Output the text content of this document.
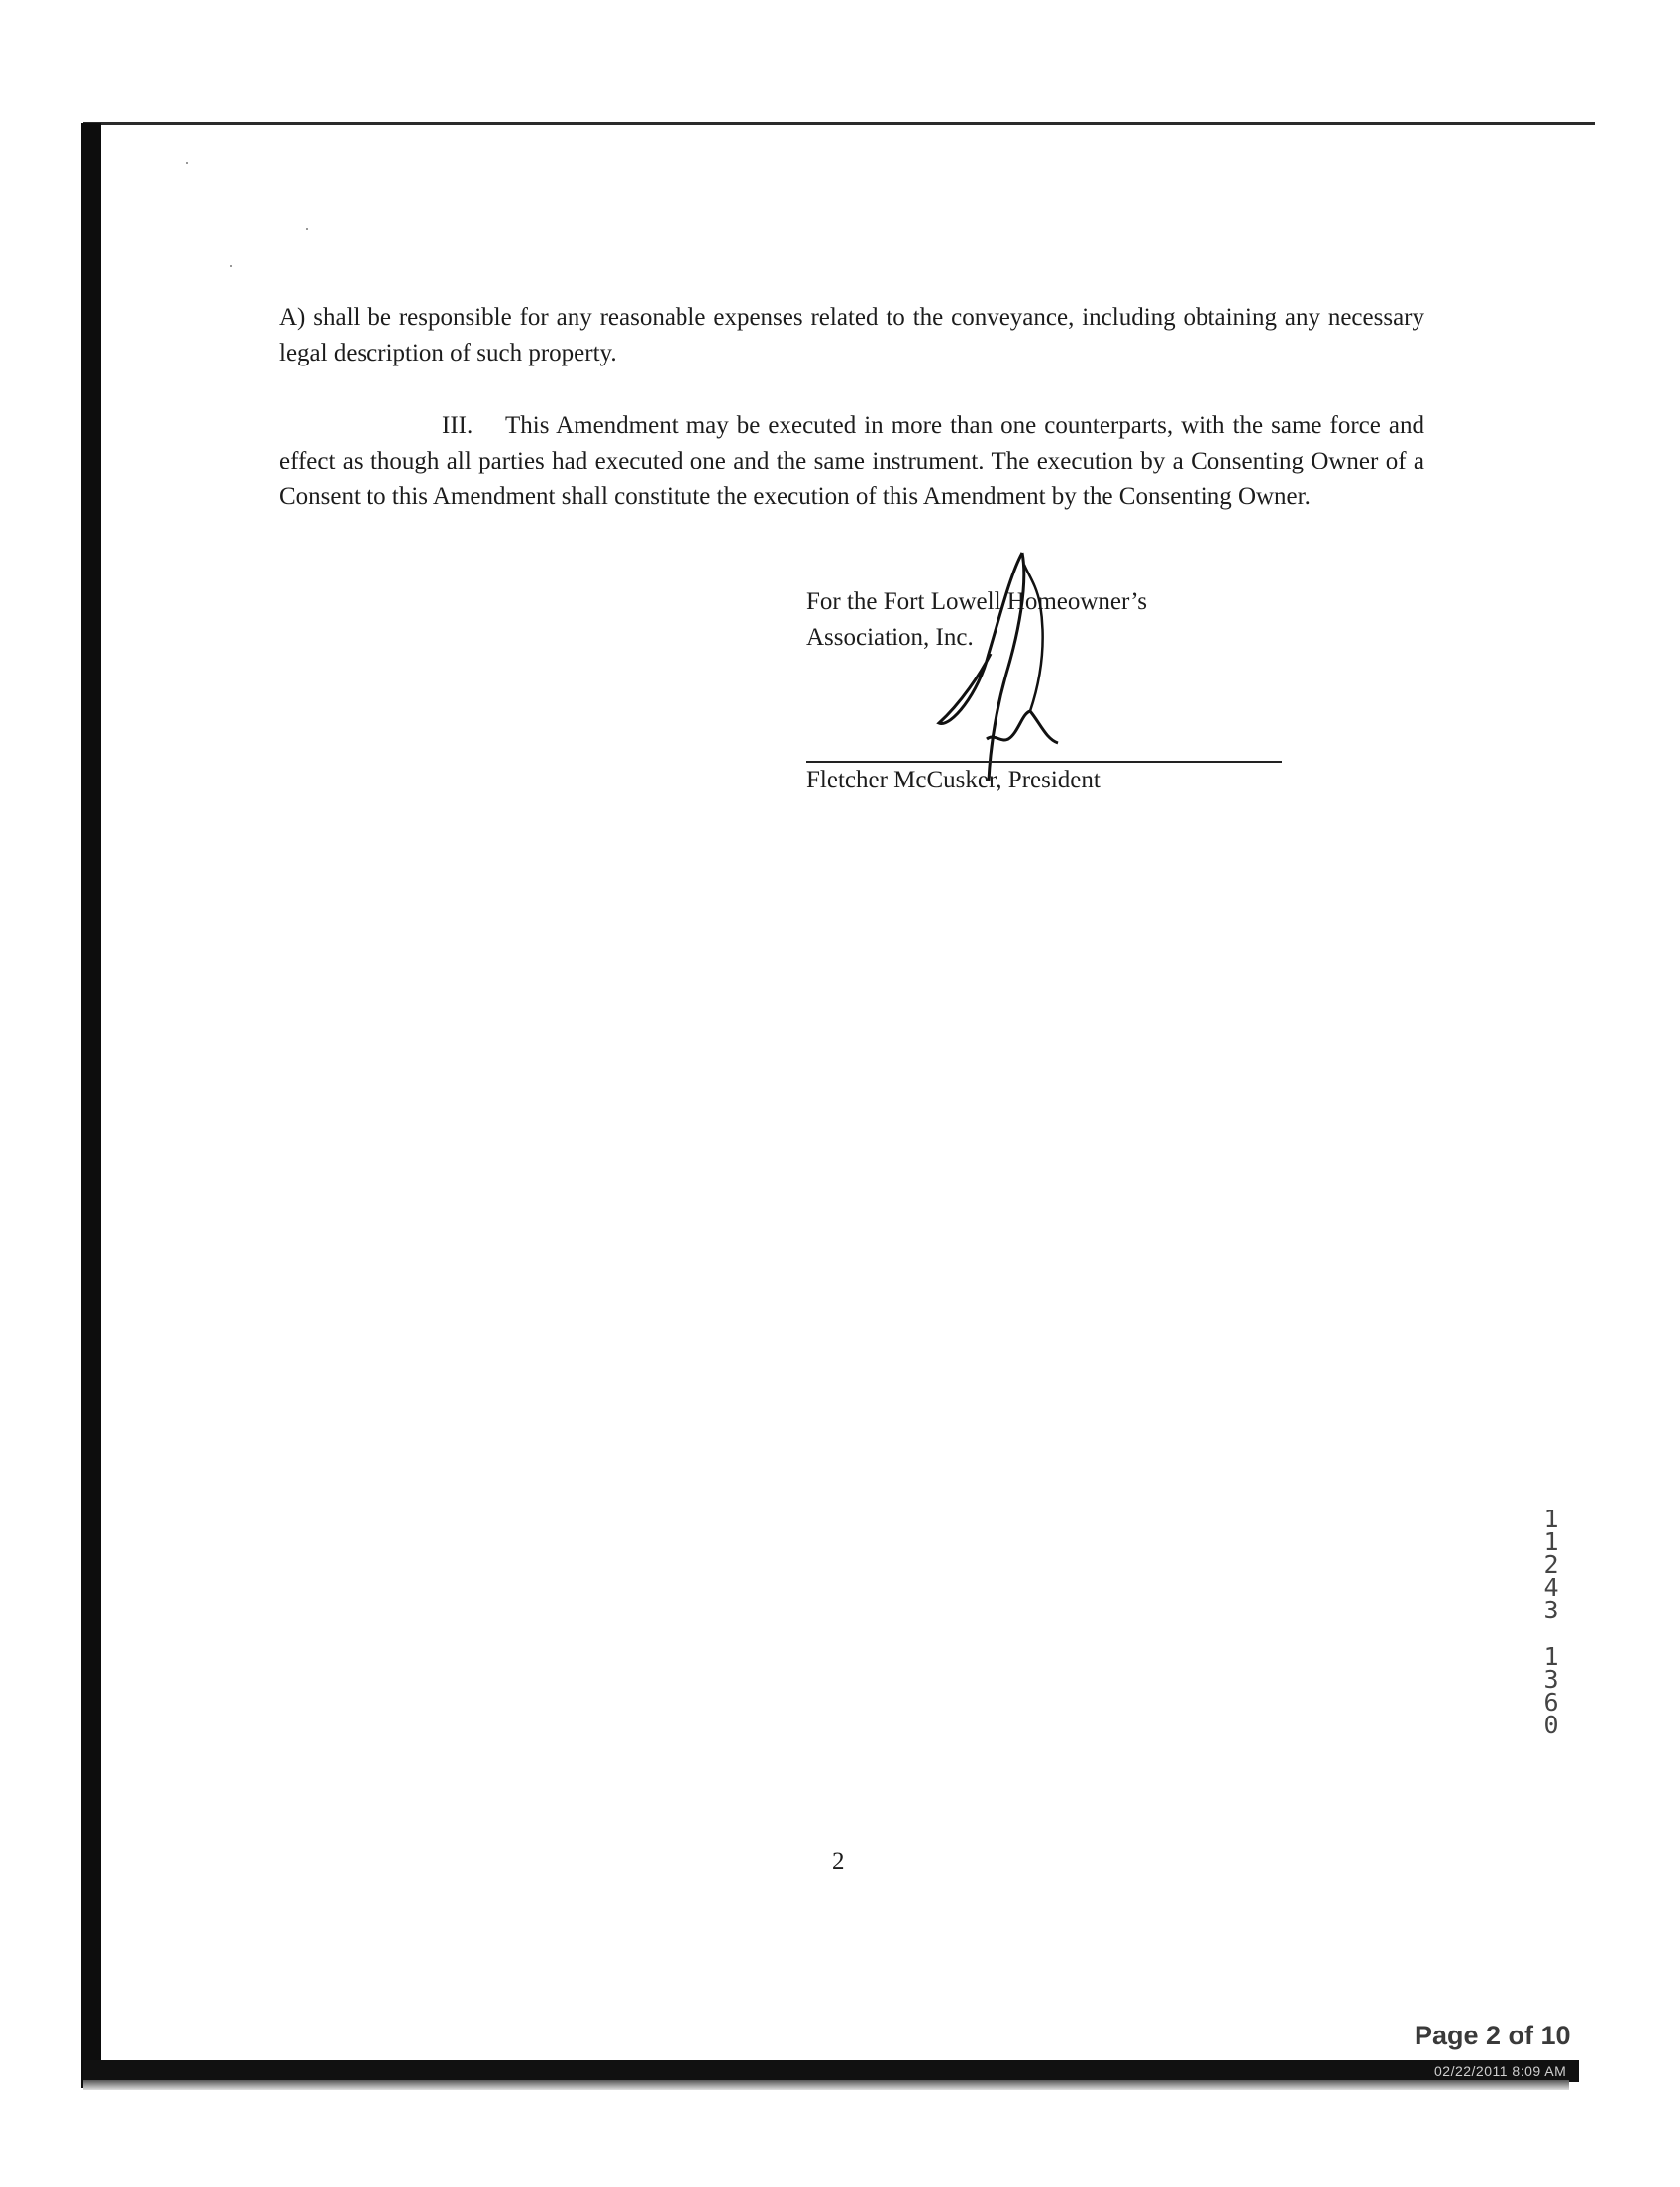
A) shall be responsible for any reasonable expenses related to the conveyance, including obtaining any necessary legal description of such property.

III. This Amendment may be executed in more than one counterparts, with the same force and effect as though all parties had executed one and the same instrument. The execution by a Consenting Owner of a Consent to this Amendment shall constitute the execution of this Amendment by the Consenting Owner.

For the Fort Lowell Homeowner’s
Association, Inc.
Fletcher McCusker, President
2
11243
1360
Page 2 of 10
02/22/2011 8:09 AM
